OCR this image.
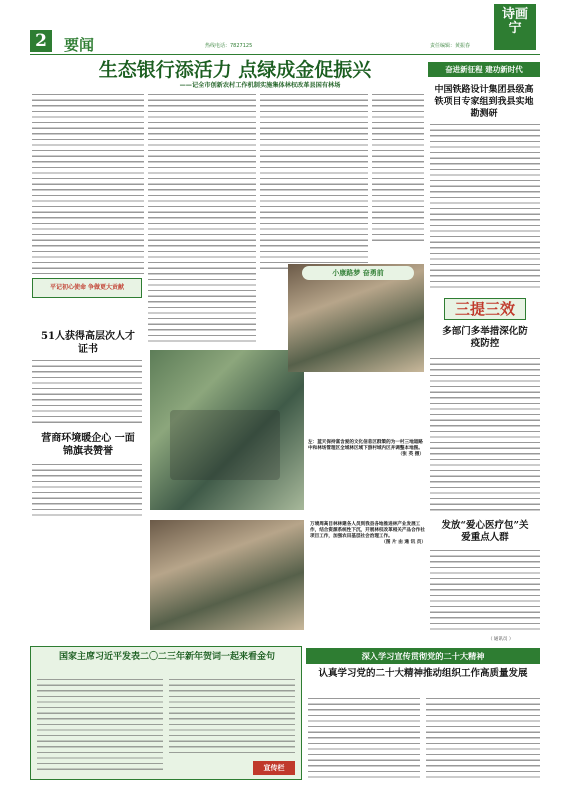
2	要闻	热线电话：7827125	责任编辑：黄振春
诗画宁
生态银行添活力 点绿成金促振兴
——记全市创新农村工作机制实施集体林权改革县国有林场
平记初心使命 争做更大贡献
51人获得高层次人才证书
营商环境暖企心 一面锦旗表赞誉
左：蓝天保持富含爱的文化信息区群策的为一村三地道路中和林场管理区全域林区域下游村域内区并调整本地图。
（张 英 摄）
小康路梦 奋勇前
万境周高目林林建各人员到我县各地推进林产业发展工作，结合资源系统性下沉，开展林权改革相关产品合作社项目工作，加强农田基层社会治理工作。
（图 片 由 通 讯 员）
奋进新征程 建功新时代
中国铁路设计集团县级高铁项目专家组到我县实地勘测研
三提三效
多部门多举措深化防疫防控
发放“爱心医疗包”关爱重点人群
（ 通讯员 ）
深入学习宣传贯彻党的二十大精神
认真学习党的二十大精神推动组织工作高质量发展
国家主席习近平发表二〇二三年新年贺词一起来看金句
宣传栏
